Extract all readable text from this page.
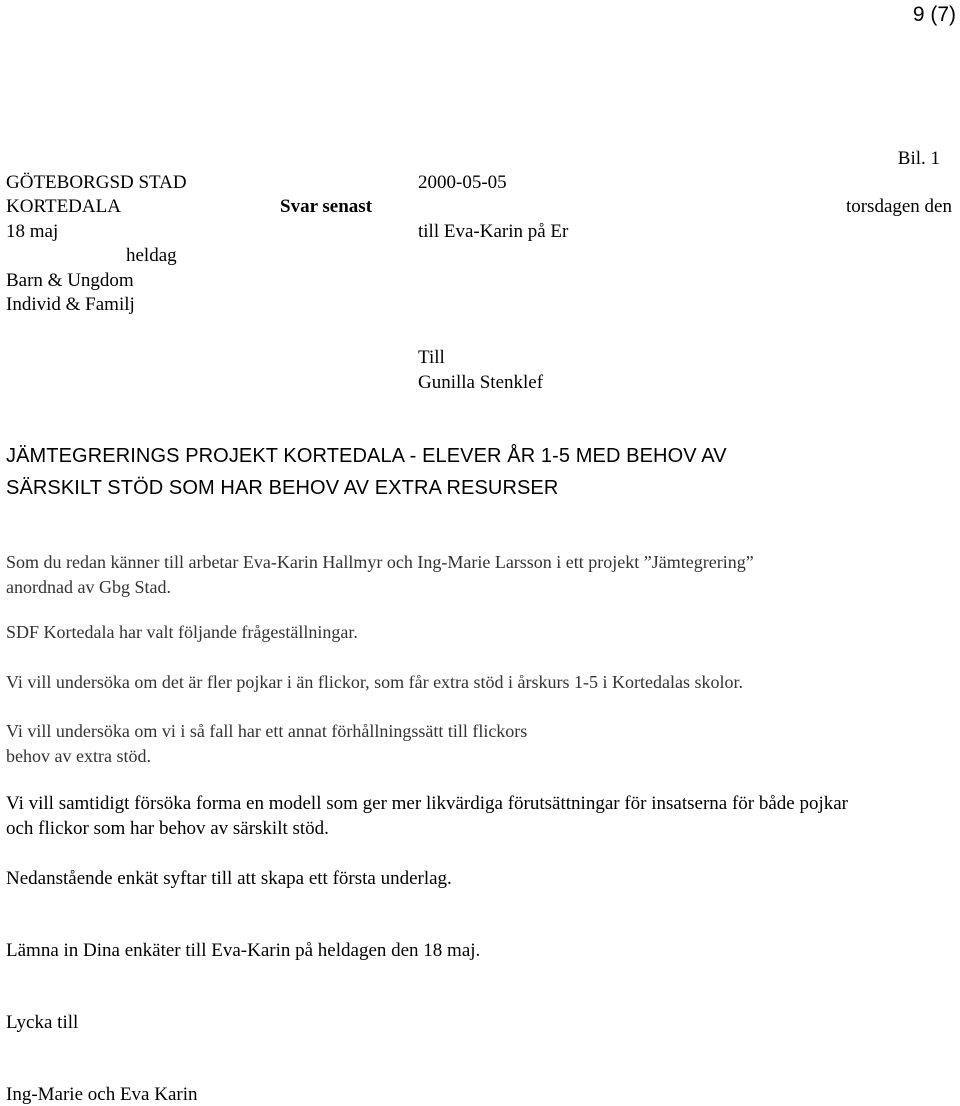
9 (7)
Bil. 1
GÖTEBORGSD STAD	2000-05-05
KORTEDALA	Svar senast	torsdagen den
18 maj	till Eva-Karin på Er
heldag
Barn & Ungdom
Individ & Familj
Till
Gunilla Stenklef
JÄMTEGRERINGS PROJEKT KORTEDALA - ELEVER ÅR 1-5 MED BEHOV AV
SÄRSKILT STÖD SOM HAR BEHOV AV EXTRA RESURSER
Som du redan känner till arbetar Eva-Karin Hallmyr och Ing-Marie Larsson i ett projekt ”Jämtegrering”
anordnad av Gbg Stad.
SDF Kortedala har valt följande frågeställningar.
Vi vill undersöka om det är fler pojkar i än flickor, som får extra stöd i årskurs 1-5 i Kortedalas skolor.
Vi vill undersöka om vi i så fall har ett annat förhållningssätt till flickors
behov av extra stöd.
Vi vill samtidigt försöka forma en modell som ger mer likvärdiga förutsättningar för insatserna för både pojkar
och flickor som har behov av särskilt stöd.
Nedanstående enkät syftar till att skapa ett första underlag.
Lämna in Dina enkäter till Eva-Karin på heldagen den 18 maj.
Lycka till
Ing-Marie och Eva Karin
